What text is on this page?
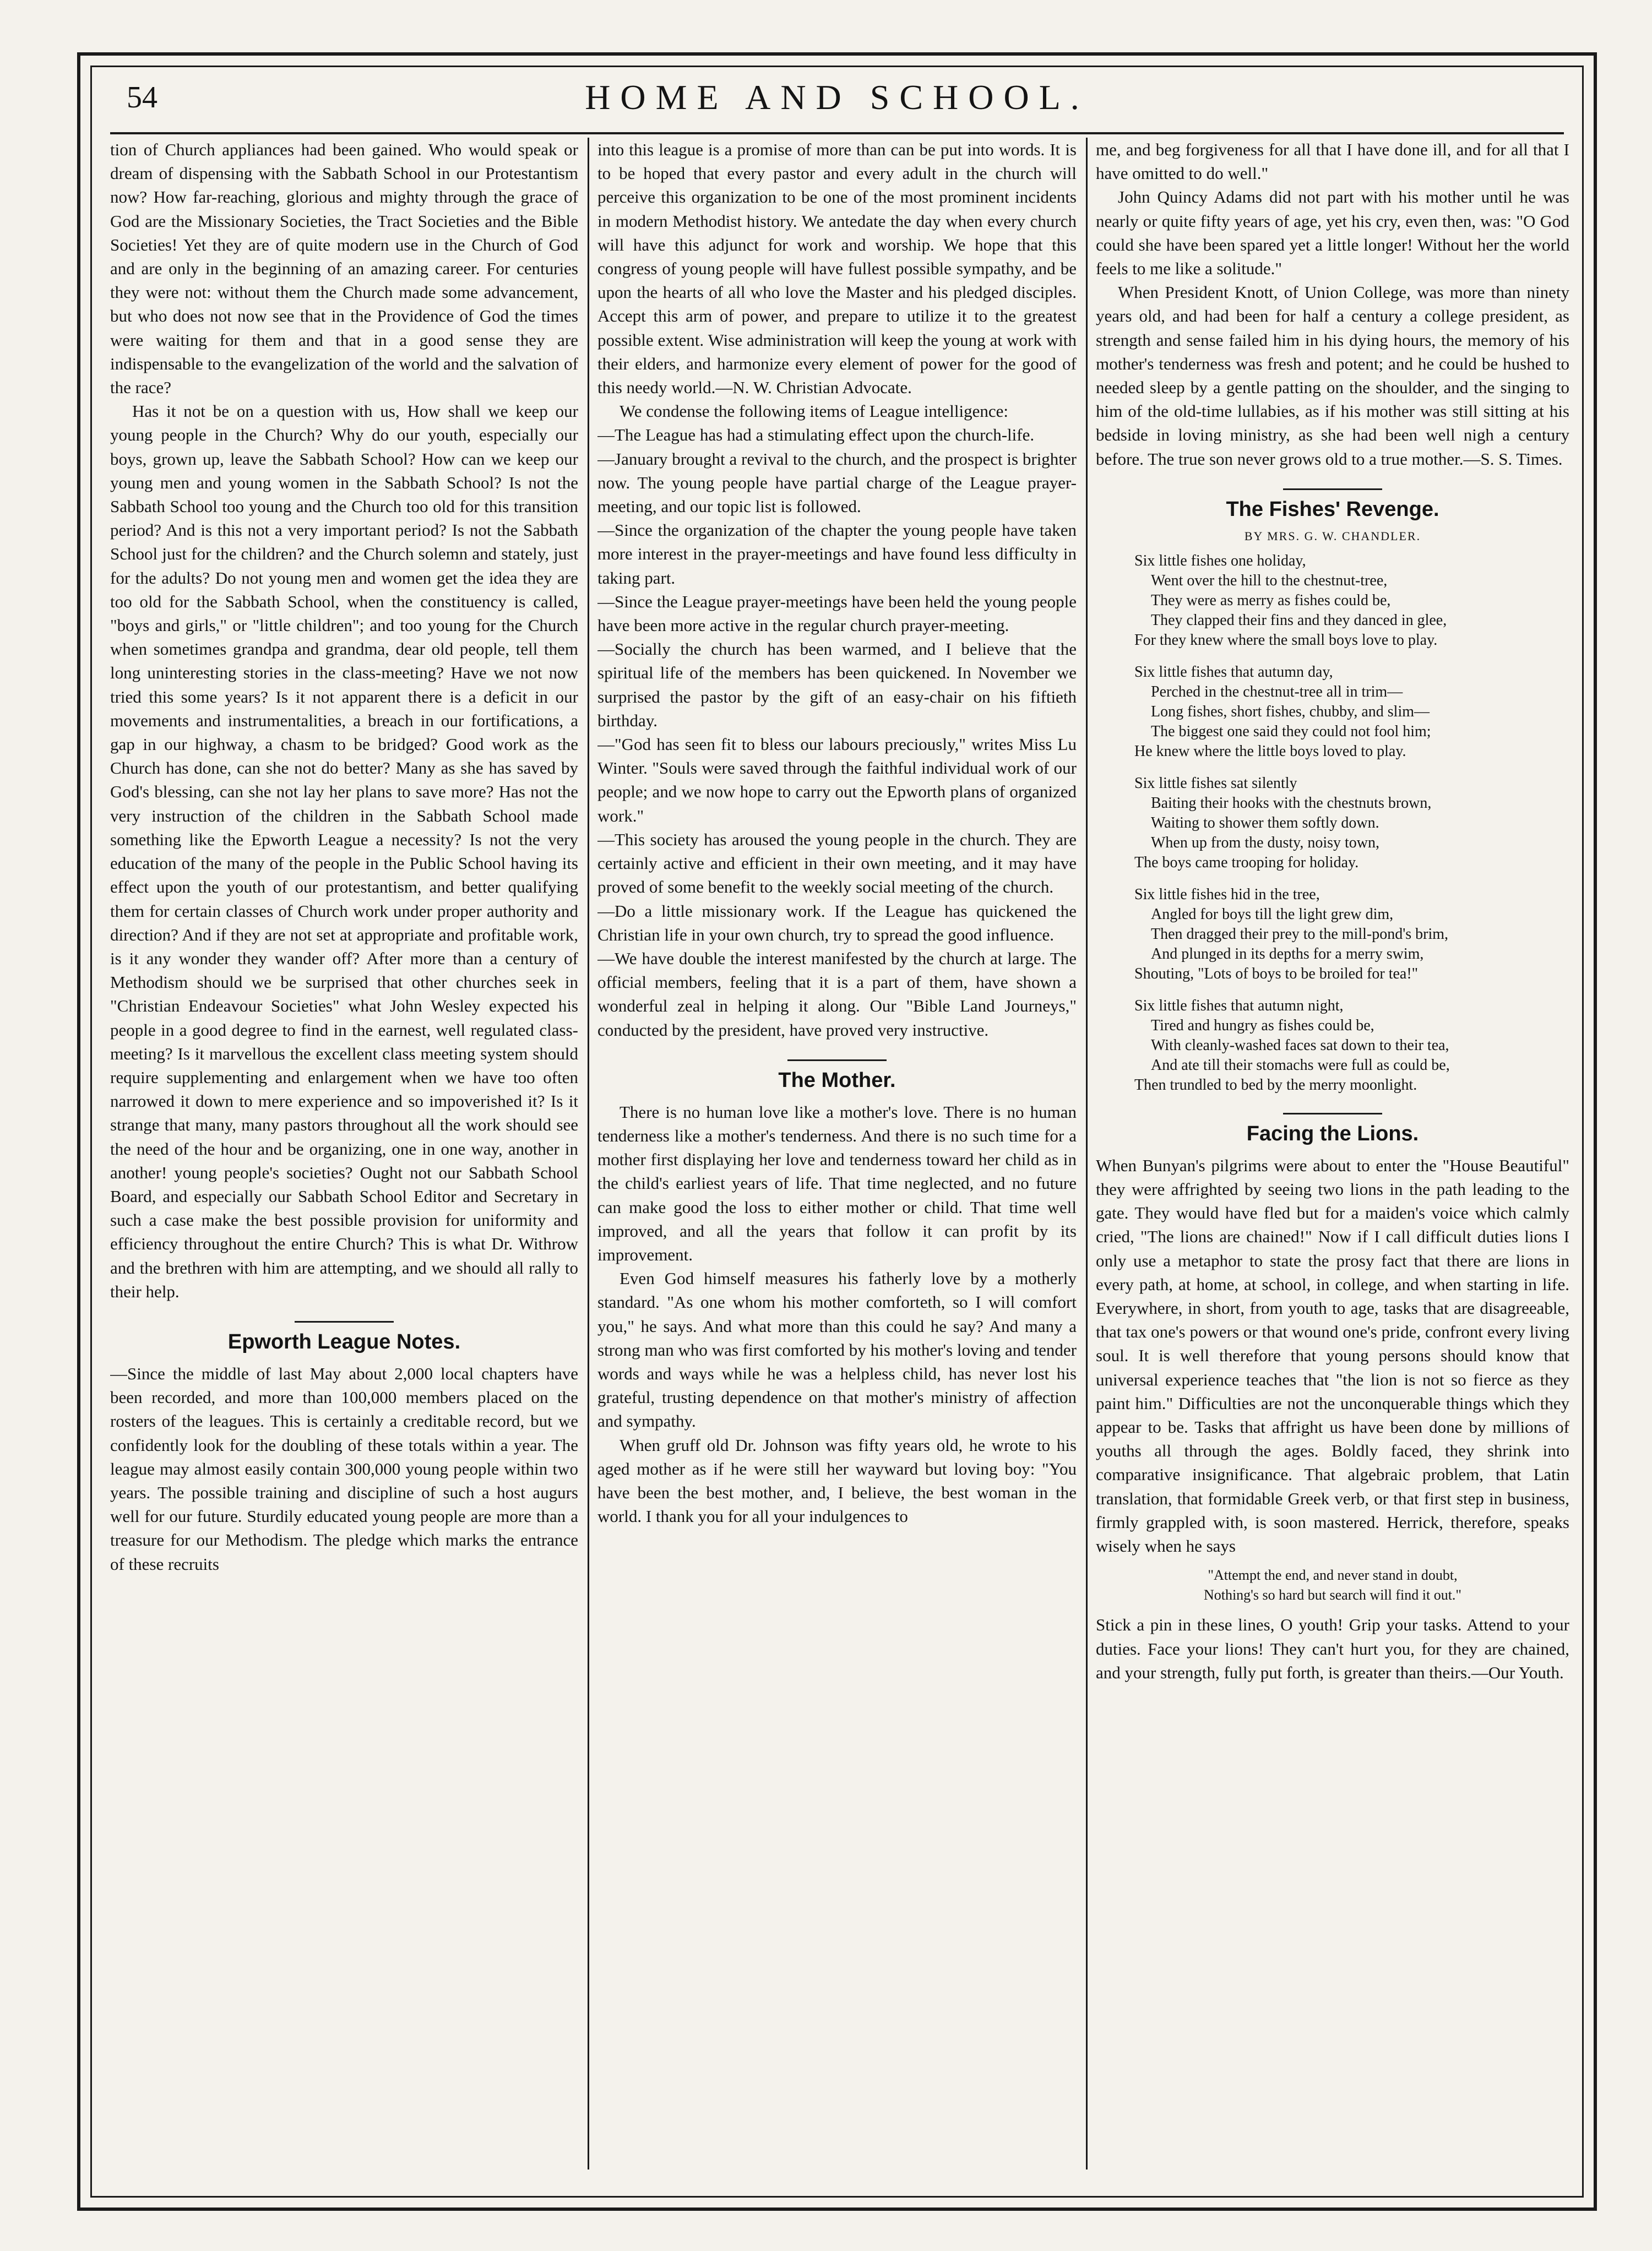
54	HOME AND SCHOOL.

tion of Church appliances had been gained. Who would speak or dream of dispensing with the Sabbath School in our Protestantism now? How far-reaching, glorious and mighty through the grace of God are the Missionary Societies, the Tract Societies and the Bible Societies! Yet they are of quite modern use in the Church of God and are only in the beginning of an amazing career. For centuries they were not: without them the Church made some advancement, but who does not now see that in the Providence of God the times were waiting for them and that in a good sense they are indispensable to the evangelization of the world and the salvation of the race?

Has it not be on a question with us, How shall we keep our young people in the Church? Why do our youth, especially our boys, grown up, leave the Sabbath School? How can we keep our young men and young women in the Sabbath School? Is not the Sabbath School too young and the Church too old for this transition period? And is this not a very important period? Is not the Sabbath School just for the children? and the Church solemn and stately, just for the adults? Do not young men and women get the idea they are too old for the Sabbath School, when the constituency is called, "boys and girls," or "little children"; and too young for the Church when sometimes grandpa and grandma, dear old people, tell them long uninteresting stories in the class-meeting? Have we not now tried this some years? Is it not apparent there is a deficit in our movements and instrumentalities, a breach in our fortifications, a gap in our highway, a chasm to be bridged? Good work as the Church has done, can she not do better? Many as she has saved by God's blessing, can she not lay her plans to save more? Has not the very instruction of the children in the Sabbath School made something like the Epworth League a necessity? Is not the very education of the many of the people in the Public School having its effect upon the youth of our protestantism, and better qualifying them for certain classes of Church work under proper authority and direction? And if they are not set at appropriate and profitable work, is it any wonder they wander off? After more than a century of Methodism should we be surprised that other churches seek in "Christian Endeavour Societies" what John Wesley expected his people in a good degree to find in the earnest, well regulated class-meeting? Is it marvellous the excellent class meeting system should require supplementing and enlargement when we have too often narrowed it down to mere experience and so impoverished it? Is it strange that many, many pastors throughout all the work should see the need of the hour and be organizing, one in one way, another in another! young people's societies? Ought not our Sabbath School Board, and especially our Sabbath School Editor and Secretary in such a case make the best possible provision for uniformity and efficiency throughout the entire Church? This is what Dr. Withrow and the brethren with him are attempting, and we should all rally to their help.

Epworth League Notes.

—Since the middle of last May about 2,000 local chapters have been recorded, and more than 100,000 members placed on the rosters of the leagues. This is certainly a creditable record, but we confidently look for the doubling of these totals within a year. The league may almost easily contain 300,000 young people within two years. The possible training and discipline of such a host augurs well for our future. Sturdily educated young people are more than a treasure for our Methodism. The pledge which marks the entrance of these recruits

into this league is a promise of more than can be put into words. It is to be hoped that every pastor and every adult in the church will perceive this organization to be one of the most prominent incidents in modern Methodist history. We antedate the day when every church will have this adjunct for work and worship. We hope that this congress of young people will have fullest possible sympathy, and be upon the hearts of all who love the Master and his pledged disciples. Accept this arm of power, and prepare to utilize it to the greatest possible extent. Wise administration will keep the young at work with their elders, and harmonize every element of power for the good of this needy world.—N. W. Christian Advocate.

We condense the following items of League intelligence:

—The League has had a stimulating effect upon the church-life.

—January brought a revival to the church, and the prospect is brighter now. The young people have partial charge of the League prayer-meeting, and our topic list is followed.

—Since the organization of the chapter the young people have taken more interest in the prayer-meetings and have found less difficulty in taking part.

—Since the League prayer-meetings have been held the young people have been more active in the regular church prayer-meeting.

—Socially the church has been warmed, and I believe that the spiritual life of the members has been quickened. In November we surprised the pastor by the gift of an easy-chair on his fiftieth birthday.

—"God has seen fit to bless our labours preciously," writes Miss Lu Winter. "Souls were saved through the faithful individual work of our people; and we now hope to carry out the Epworth plans of organized work."

—This society has aroused the young people in the church. They are certainly active and efficient in their own meeting, and it may have proved of some benefit to the weekly social meeting of the church.

—Do a little missionary work. If the League has quickened the Christian life in your own church, try to spread the good influence.

—We have double the interest manifested by the church at large. The official members, feeling that it is a part of them, have shown a wonderful zeal in helping it along. Our "Bible Land Journeys," conducted by the president, have proved very instructive.

The Mother.

There is no human love like a mother's love. There is no human tenderness like a mother's tenderness. And there is no such time for a mother first displaying her love and tenderness toward her child as in the child's earliest years of life. That time neglected, and no future can make good the loss to either mother or child. That time well improved, and all the years that follow it can profit by its improvement.

Even God himself measures his fatherly love by a motherly standard. "As one whom his mother comforteth, so I will comfort you," he says. And what more than this could he say? And many a strong man who was first comforted by his mother's loving and tender words and ways while he was a helpless child, has never lost his grateful, trusting dependence on that mother's ministry of affection and sympathy.

When gruff old Dr. Johnson was fifty years old, he wrote to his aged mother as if he were still her wayward but loving boy: "You have been the best mother, and, I believe, the best woman in the world. I thank you for all your indulgences to

me, and beg forgiveness for all that I have done ill, and for all that I have omitted to do well."

John Quincy Adams did not part with his mother until he was nearly or quite fifty years of age, yet his cry, even then, was: "O God could she have been spared yet a little longer! Without her the world feels to me like a solitude."

When President Knott, of Union College, was more than ninety years old, and had been for half a century a college president, as strength and sense failed him in his dying hours, the memory of his mother's tenderness was fresh and potent; and he could be hushed to needed sleep by a gentle patting on the shoulder, and the singing to him of the old-time lullabies, as if his mother was still sitting at his bedside in loving ministry, as she had been well nigh a century before. The true son never grows old to a true mother.—S. S. Times.

The Fishes' Revenge.
BY MRS. G. W. CHANDLER.

Six little fishes one holiday,

Went over the hill to the chestnut-tree,

They were as merry as fishes could be,

They clapped their fins and they danced in glee,

For they knew where the small boys love to play.

Six little fishes that autumn day,

Perched in the chestnut-tree all in trim—

Long fishes, short fishes, chubby, and slim—

The biggest one said they could not fool him;

He knew where the little boys loved to play.

Six little fishes sat silently

Baiting their hooks with the chestnuts brown,

Waiting to shower them softly down.

When up from the dusty, noisy town,

The boys came trooping for holiday.

Six little fishes hid in the tree,

Angled for boys till the light grew dim,

Then dragged their prey to the mill-pond's brim,

And plunged in its depths for a merry swim,

Shouting, "Lots of boys to be broiled for tea!"

Six little fishes that autumn night,

Tired and hungry as fishes could be,

With cleanly-washed faces sat down to their tea,

And ate till their stomachs were full as could be,

Then trundled to bed by the merry moonlight.

Facing the Lions.

When Bunyan's pilgrims were about to enter the "House Beautiful" they were affrighted by seeing two lions in the path leading to the gate. They would have fled but for a maiden's voice which calmly cried, "The lions are chained!" Now if I call difficult duties lions I only use a metaphor to state the prosy fact that there are lions in every path, at home, at school, in college, and when starting in life. Everywhere, in short, from youth to age, tasks that are disagreeable, that tax one's powers or that wound one's pride, confront every living soul. It is well therefore that young persons should know that universal experience teaches that "the lion is not so fierce as they paint him." Difficulties are not the unconquerable things which they appear to be. Tasks that affright us have been done by millions of youths all through the ages. Boldly faced, they shrink into comparative insignificance. That algebraic problem, that Latin translation, that formidable Greek verb, or that first step in business, firmly grappled with, is soon mastered. Herrick, therefore, speaks wisely when he says

"Attempt the end, and never stand in doubt,

Nothing's so hard but search will find it out."

Stick a pin in these lines, O youth! Grip your tasks. Attend to your duties. Face your lions! They can't hurt you, for they are chained, and your strength, fully put forth, is greater than theirs.—Our Youth.
